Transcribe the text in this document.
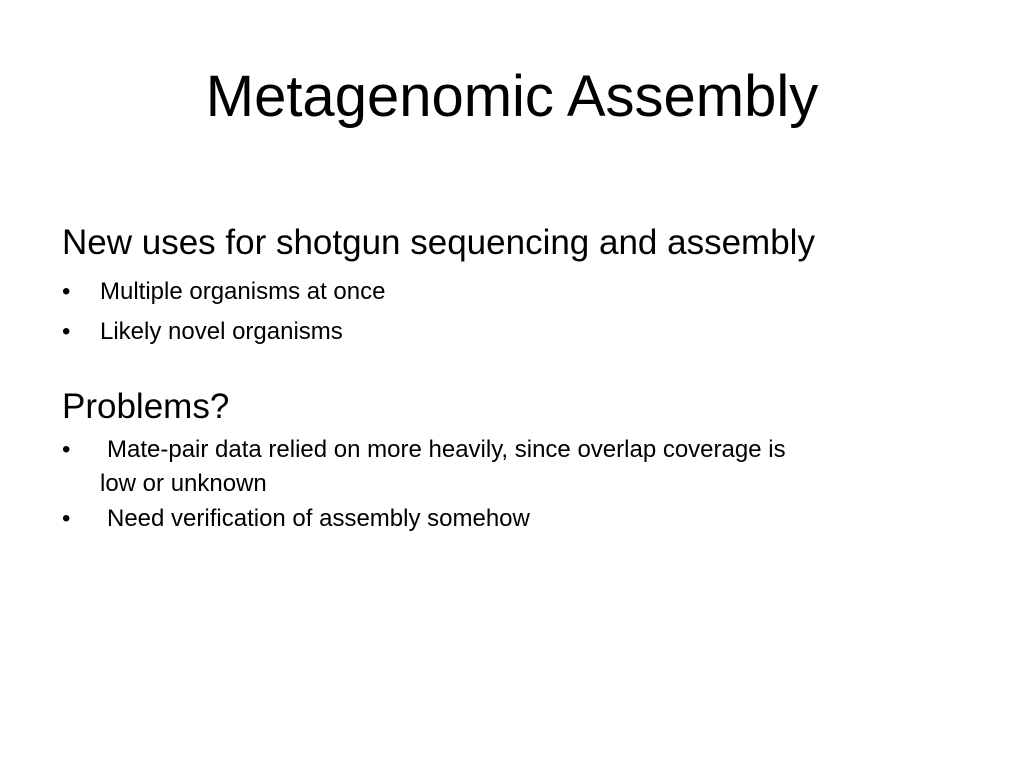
Metagenomic Assembly
New uses for shotgun sequencing and assembly
• Multiple organisms at once
• Likely novel organisms
Problems?
• Mate-pair data relied on more heavily, since overlap coverage is
low or unknown
• Need verification of assembly somehow
